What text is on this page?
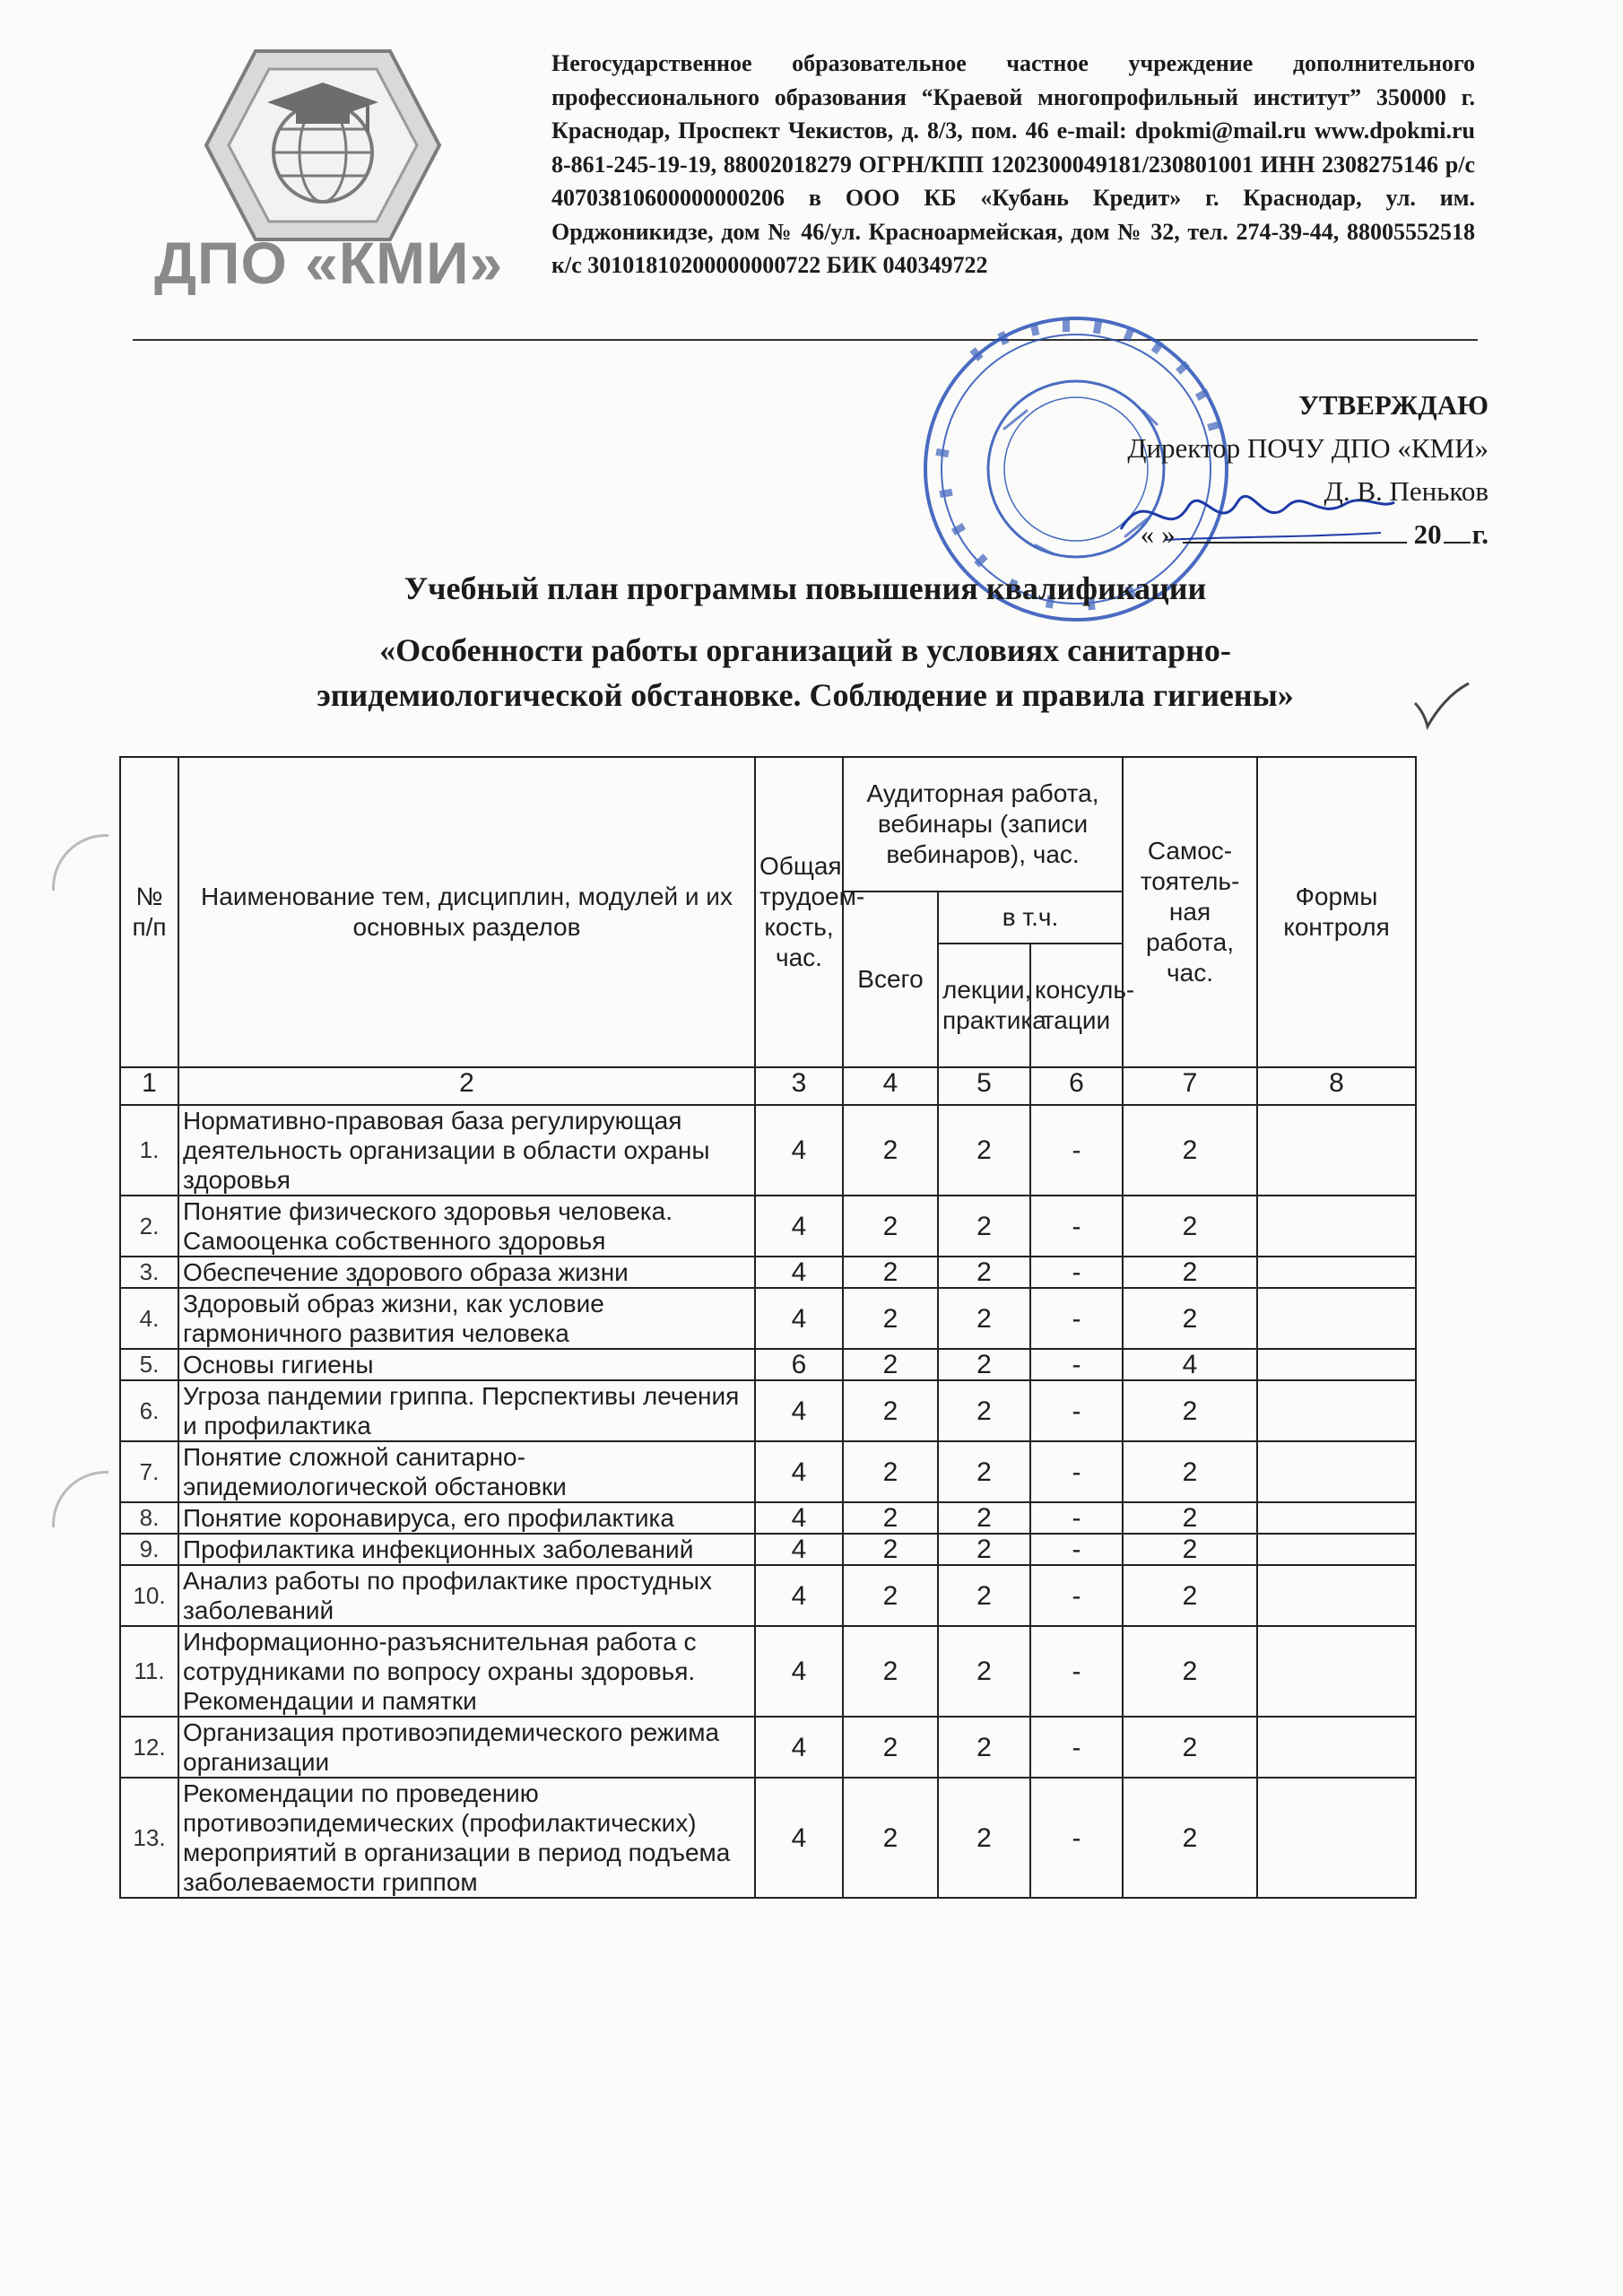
ДПО «КМИ»
Негосударственное образовательное частное учреждение дополнительного профессионального образования “Краевой многопрофильный институт” 350000 г. Краснодар, Проспект Чекистов, д. 8/3, пом. 46 e-mail: dpokmi@mail.ru www.dpokmi.ru 8-861-245-19-19, 88002018279 ОГРН/КПП 1202300049181/230801001 ИНН 2308275146 р/с 40703810600000000206 в ООО КБ «Кубань Кредит» г. Краснодар, ул. им. Орджоникидзе, дом № 46/ул. Красноармейская, дом № 32, тел. 274-39-44, 88005552518 к/с 30101810200000000722 БИК 040349722
УТВЕРЖДАЮ
Директор ПОЧУ ДПО «КМИ»
Д. В. Пеньков
« »	20 г.
Учебный план программы повышения квалификации
«Особенности работы организаций в условиях санитарно-
эпидемиологической обстановке. Соблюдение и правила гигиены»
№ п/п	Наименование тем, дисциплин, модулей и их основных разделов	Общая трудоем-кость, час.	Аудиторная работа, вебинары (записи вебинаров), час.			Самос-тоятель-ная работа, час.	Формы контроля
			Всего	в т.ч.			
				лекции, практика	консуль-тации		
1	2	3	4	5	6	7	8
1.	Нормативно-правовая база регулирующая деятельность организации в области охраны здоровья	4	2	2	-	2	
2.	Понятие физического здоровья человека. Самооценка собственного здоровья	4	2	2	-	2	
3.	Обеспечение здорового образа жизни	4	2	2	-	2	
4.	Здоровый образ жизни, как условие гармоничного развития человека	4	2	2	-	2	
5.	Основы гигиены	6	2	2	-	4	
6.	Угроза пандемии гриппа. Перспективы лечения и профилактика	4	2	2	-	2	
7.	Понятие сложной санитарно-эпидемиологической обстановки	4	2	2	-	2	
8.	Понятие коронавируса, его профилактика	4	2	2	-	2	
9.	Профилактика инфекционных заболеваний	4	2	2	-	2	
10.	Анализ работы по профилактике простудных заболеваний	4	2	2	-	2	
11.	Информационно-разъяснительная работа с сотрудниками по вопросу охраны здоровья. Рекомендации и памятки	4	2	2	-	2	
12.	Организация противоэпидемического режима организации	4	2	2	-	2	
13.	Рекомендации по проведению противоэпидемических (профилактических) мероприятий в организации в период подъема заболеваемости гриппом	4	2	2	-	2	
